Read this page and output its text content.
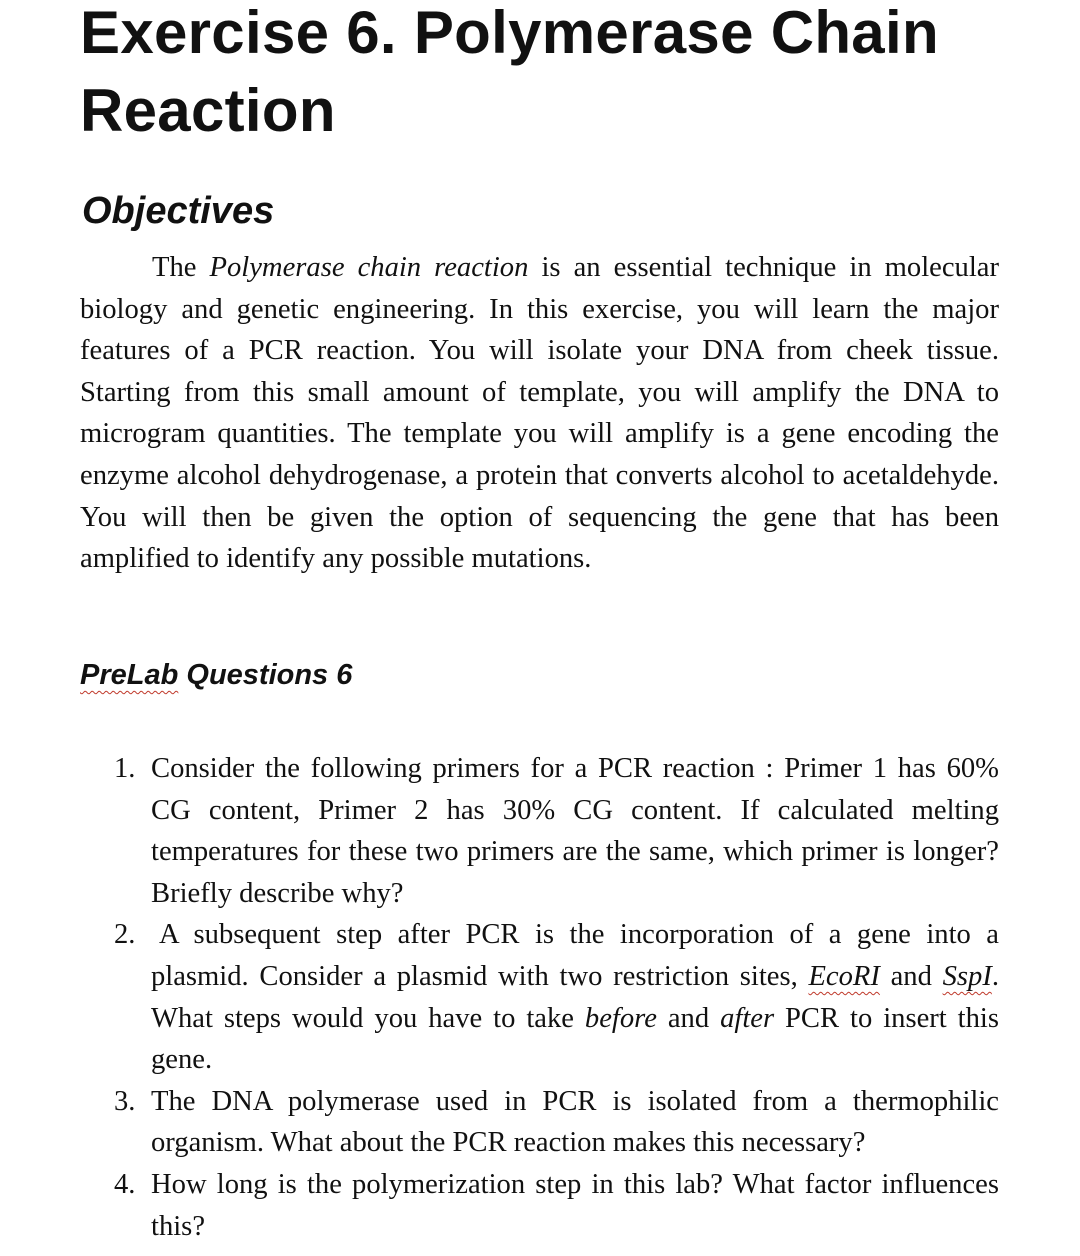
Exercise 6. Polymerase Chain Reaction
Objectives

The Polymerase chain reaction is an essential technique in molecular biology and genetic engineering. In this exercise, you will learn the major features of a PCR reaction. You will isolate your DNA from cheek tissue. Starting from this small amount of template, you will amplify the DNA to microgram quantities. The template you will amplify is a gene encoding the enzyme alcohol dehydrogenase, a protein that converts alcohol to acetaldehyde. You will then be given the option of sequencing the gene that has been amplified to identify any possible mutations.

PreLab Questions 6
1. Consider the following primers for a PCR reaction : Primer 1 has 60% CG content, Primer 2 has 30% CG content. If calculated melting temperatures for these two primers are the same, which primer is longer? Briefly describe why?
2. A subsequent step after PCR is the incorporation of a gene into a plasmid. Consider a plasmid with two restriction sites, EcoRI and SspI. What steps would you have to take before and after PCR to insert this gene.
3. The DNA polymerase used in PCR is isolated from a thermophilic organism. What about the PCR reaction makes this necessary?
4. How long is the polymerization step in this lab? What factor influences this?
